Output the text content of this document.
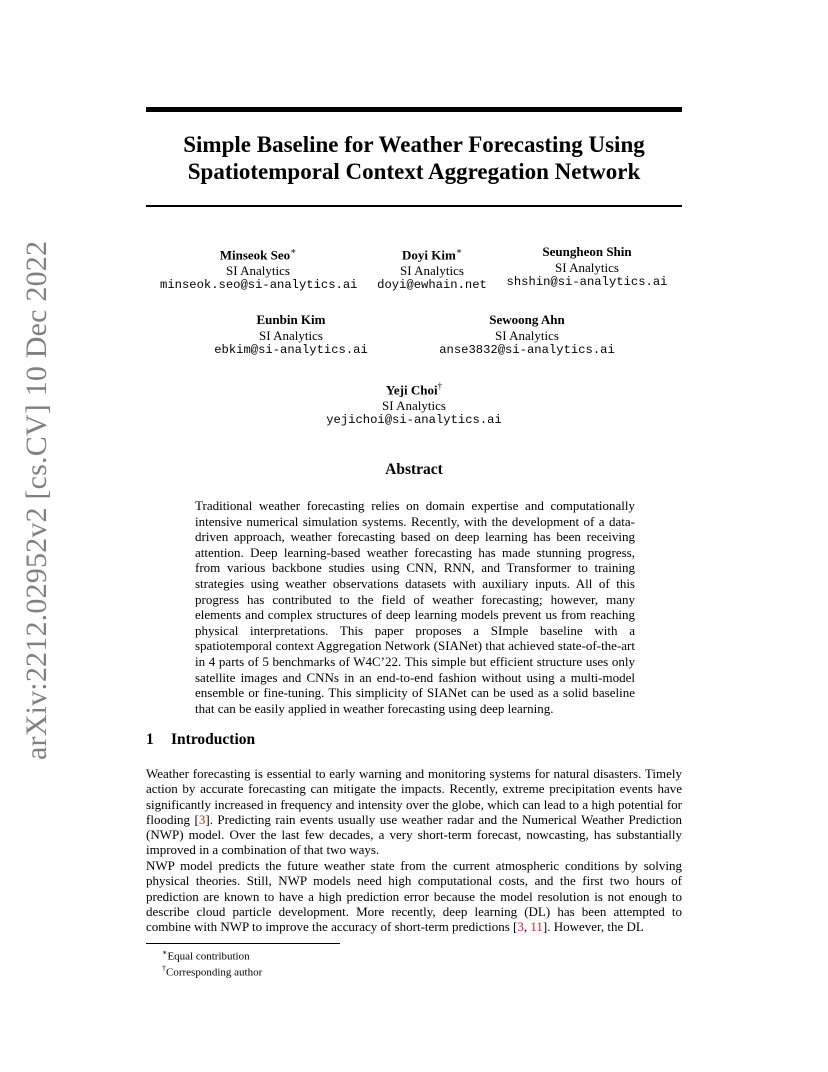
arXiv:2212.02952v2 [cs.CV] 10 Dec 2022
Simple Baseline for Weather Forecasting Using Spatiotemporal Context Aggregation Network
Minseok Seo∗
SI Analytics
minseok.seo@si-analytics.ai
Doyi Kim∗
SI Analytics
doyi@ewhain.net
Seungheon Shin
SI Analytics
shshin@si-analytics.ai
Eunbin Kim
SI Analytics
ebkim@si-analytics.ai
Sewoong Ahn
SI Analytics
anse3832@si-analytics.ai
Yeji Choi†
SI Analytics
yejichoi@si-analytics.ai
Abstract
Traditional weather forecasting relies on domain expertise and computationally intensive numerical simulation systems. Recently, with the development of a data-driven approach, weather forecasting based on deep learning has been receiving attention. Deep learning-based weather forecasting has made stunning progress, from various backbone studies using CNN, RNN, and Transformer to training strategies using weather observations datasets with auxiliary inputs. All of this progress has contributed to the field of weather forecasting; however, many elements and complex structures of deep learning models prevent us from reaching physical interpretations. This paper proposes a SImple baseline with a spatiotemporal context Aggregation Network (SIANet) that achieved state-of-the-art in 4 parts of 5 benchmarks of W4C’22. This simple but efficient structure uses only satellite images and CNNs in an end-to-end fashion without using a multi-model ensemble or fine-tuning. This simplicity of SIANet can be used as a solid baseline that can be easily applied in weather forecasting using deep learning.
1 Introduction
Weather forecasting is essential to early warning and monitoring systems for natural disasters. Timely action by accurate forecasting can mitigate the impacts. Recently, extreme precipitation events have significantly increased in frequency and intensity over the globe, which can lead to a high potential for flooding [3]. Predicting rain events usually use weather radar and the Numerical Weather Prediction (NWP) model. Over the last few decades, a very short-term forecast, nowcasting, has substantially improved in a combination of that two ways.
NWP model predicts the future weather state from the current atmospheric conditions by solving physical theories. Still, NWP models need high computational costs, and the first two hours of prediction are known to have a high prediction error because the model resolution is not enough to describe cloud particle development. More recently, deep learning (DL) has been attempted to combine with NWP to improve the accuracy of short-term predictions [3, 11]. However, the DL
∗Equal contribution
†Corresponding author
